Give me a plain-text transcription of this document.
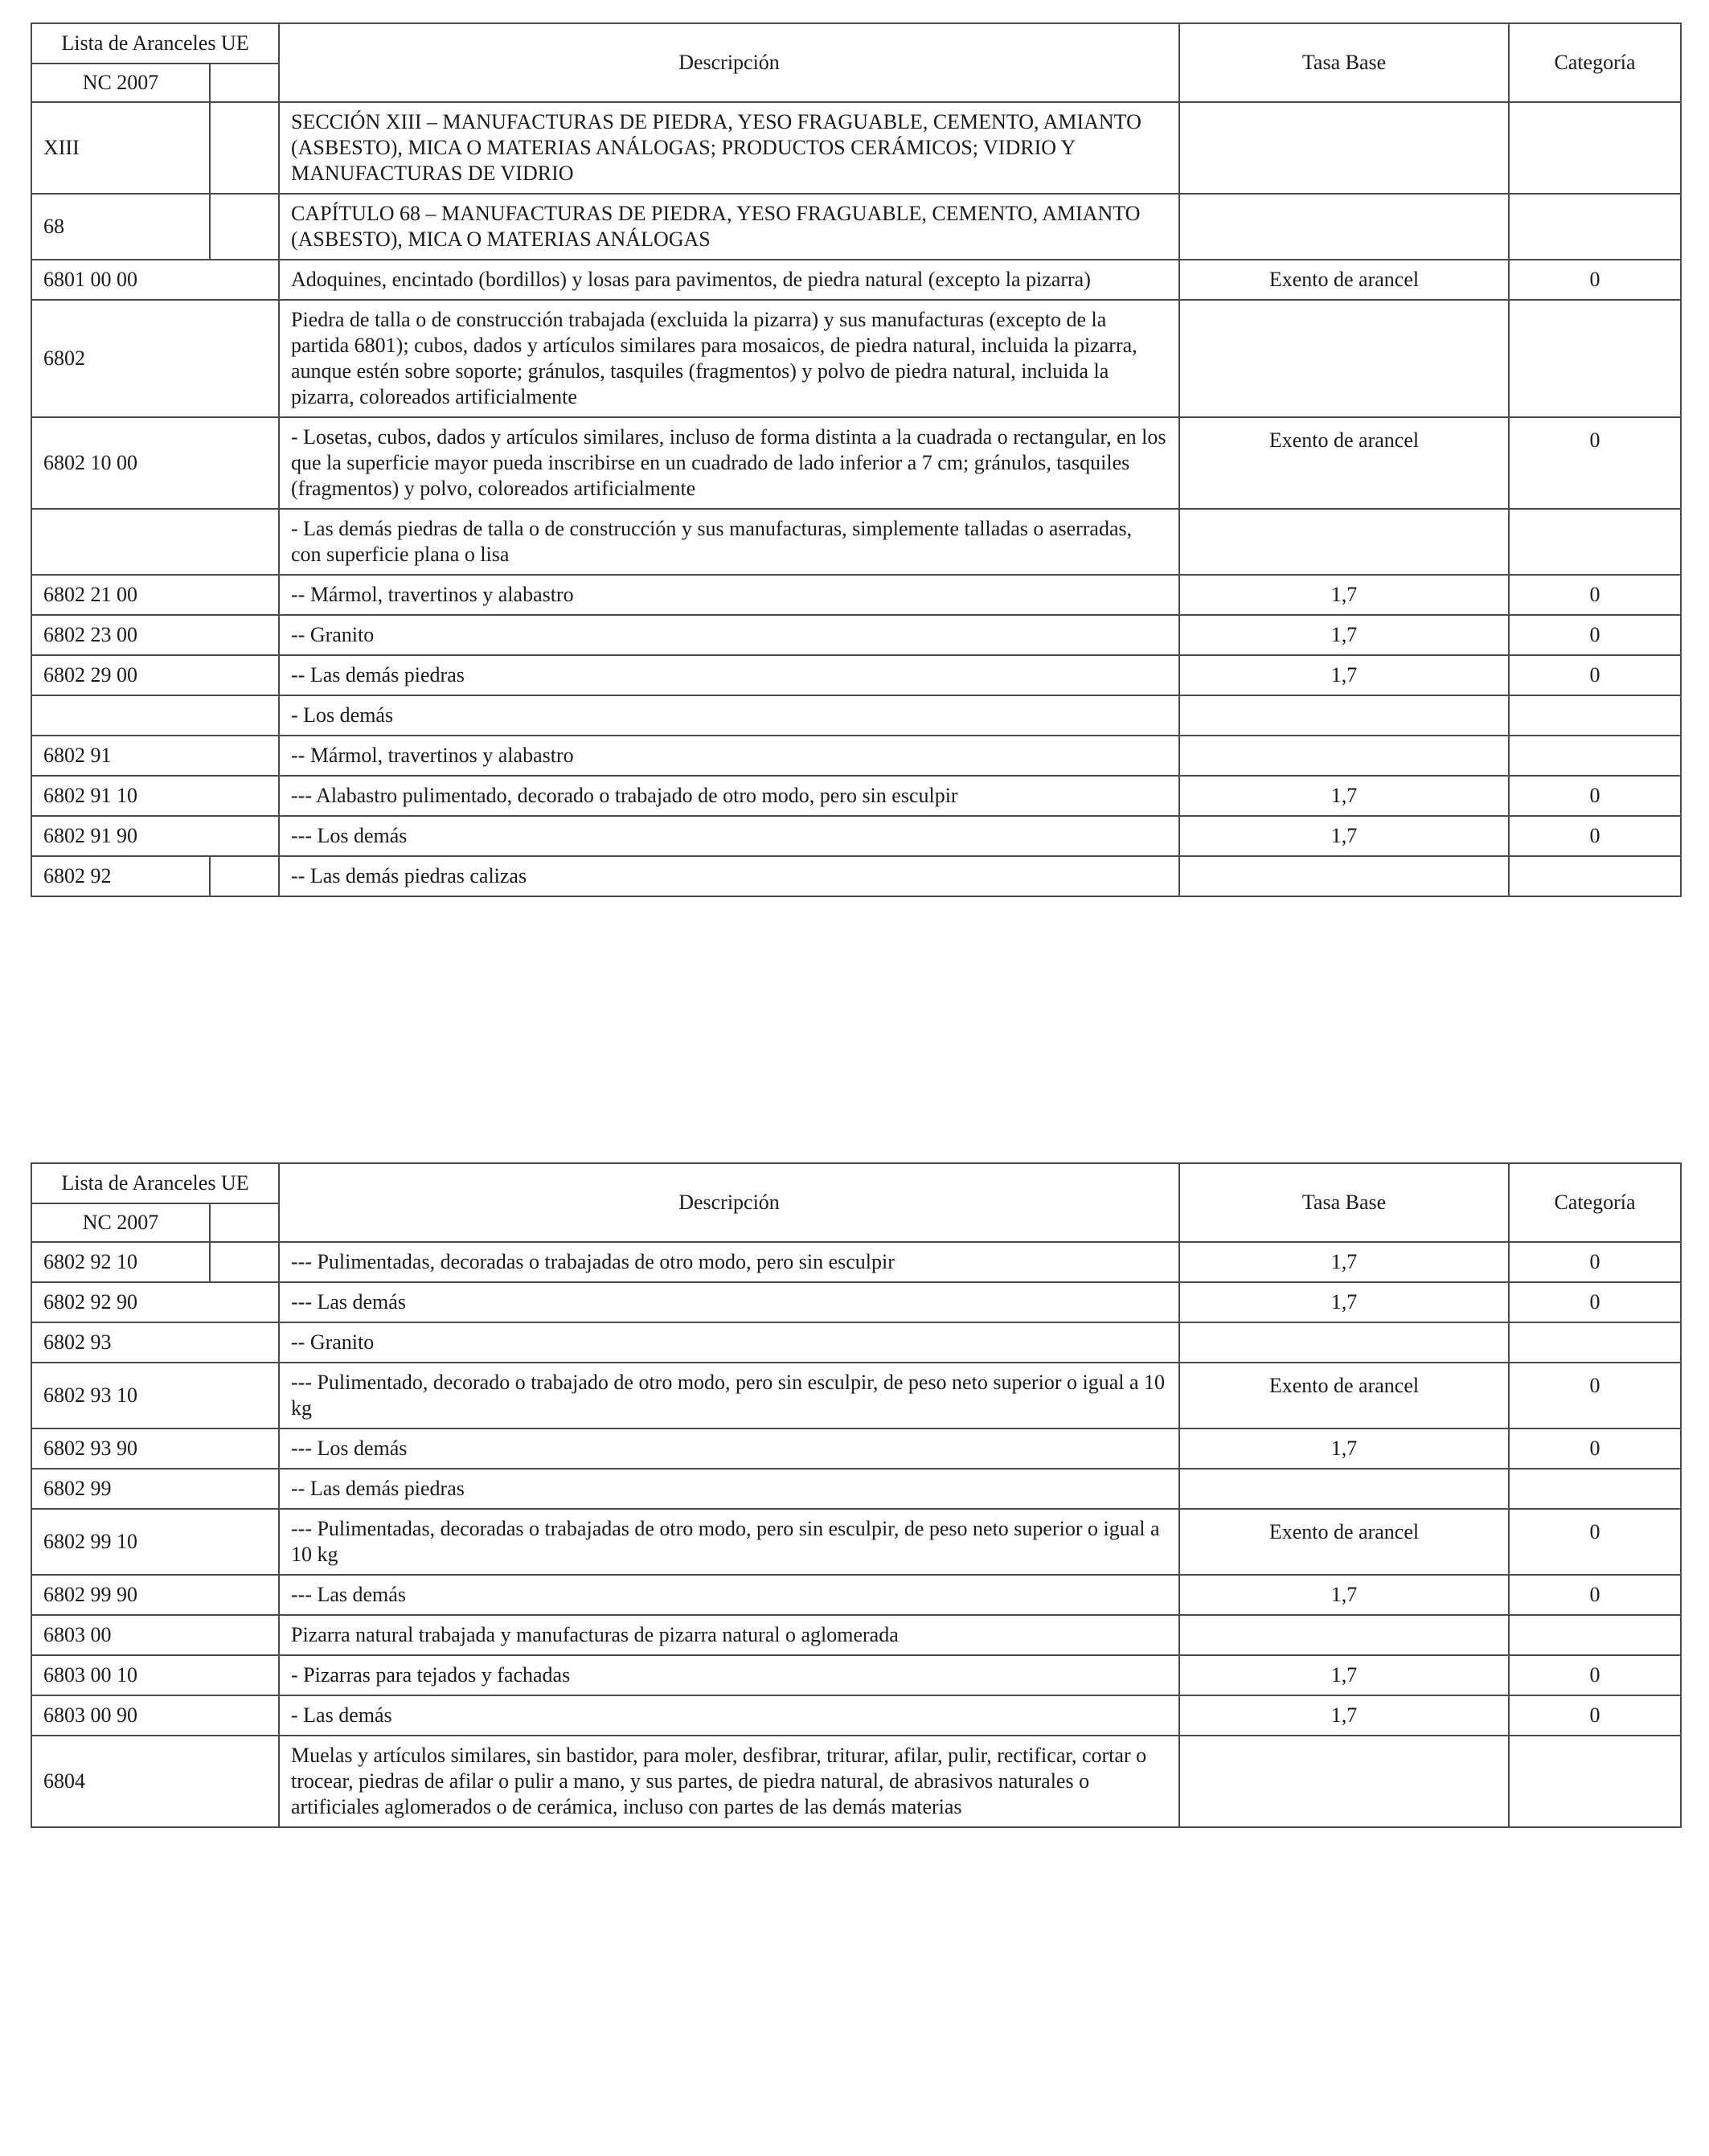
Lista de Aranceles UE		Descripción	Tasa Base	Categoría
NC 2007				
XIII		SECCIÓN XIII – MANUFACTURAS DE PIEDRA, YESO FRAGUABLE, CEMENTO, AMIANTO (ASBESTO), MICA O MATERIAS ANÁLOGAS; PRODUCTOS CERÁMICOS; VIDRIO Y MANUFACTURAS DE VIDRIO		
68		CAPÍTULO 68 – MANUFACTURAS DE PIEDRA, YESO FRAGUABLE, CEMENTO, AMIANTO (ASBESTO), MICA O MATERIAS ANÁLOGAS		
6801 00 00		Adoquines, encintado (bordillos) y losas para pavimentos, de piedra natural (excepto la pizarra)	Exento de arancel	0
6802		Piedra de talla o de construcción trabajada (excluida la pizarra) y sus manufacturas (excepto de la partida 6801); cubos, dados y artículos similares para mosaicos, de piedra natural, incluida la pizarra, aunque estén sobre soporte; gránulos, tasquiles (fragmentos) y polvo de piedra natural, incluida la pizarra, coloreados artificialmente		
6802 10 00		- Losetas, cubos, dados y artículos similares, incluso de forma distinta a la cuadrada o rectangular, en los que la superficie mayor pueda inscribirse en un cuadrado de lado inferior a 7 cm; gránulos, tasquiles (fragmentos) y polvo, coloreados artificialmente	Exento de arancel	0
		- Las demás piedras de talla o de construcción y sus manufacturas, simplemente talladas o aserradas, con superficie plana o lisa		
6802 21 00		-- Mármol, travertinos y alabastro	1,7	0
6802 23 00		-- Granito	1,7	0
6802 29 00		-- Las demás piedras	1,7	0
		- Los demás		
6802 91		-- Mármol, travertinos y alabastro		
6802 91 10		--- Alabastro pulimentado, decorado o trabajado de otro modo, pero sin esculpir	1,7	0
6802 91 90		--- Los demás	1,7	0
6802 92		-- Las demás piedras calizas		
Lista de Aranceles UE		Descripción	Tasa Base	Categoría
NC 2007				
6802 92 10		--- Pulimentadas, decoradas o trabajadas de otro modo, pero sin esculpir	1,7	0
6802 92 90		--- Las demás	1,7	0
6802 93		-- Granito		
6802 93 10		--- Pulimentado, decorado o trabajado de otro modo, pero sin esculpir, de peso neto superior o igual a 10 kg	Exento de arancel	0
6802 93 90		--- Los demás	1,7	0
6802 99		-- Las demás piedras		
6802 99 10		--- Pulimentadas, decoradas o trabajadas de otro modo, pero sin esculpir, de peso neto superior o igual a 10 kg	Exento de arancel	0
6802 99 90		--- Las demás	1,7	0
6803 00		Pizarra natural trabajada y manufacturas de pizarra natural o aglomerada		
6803 00 10		- Pizarras para tejados y fachadas	1,7	0
6803 00 90		- Las demás	1,7	0
6804		Muelas y artículos similares, sin bastidor, para moler, desfibrar, triturar, afilar, pulir, rectificar, cortar o trocear, piedras de afilar o pulir a mano, y sus partes, de piedra natural, de abrasivos naturales o artificiales aglomerados o de cerámica, incluso con partes de las demás materias		
